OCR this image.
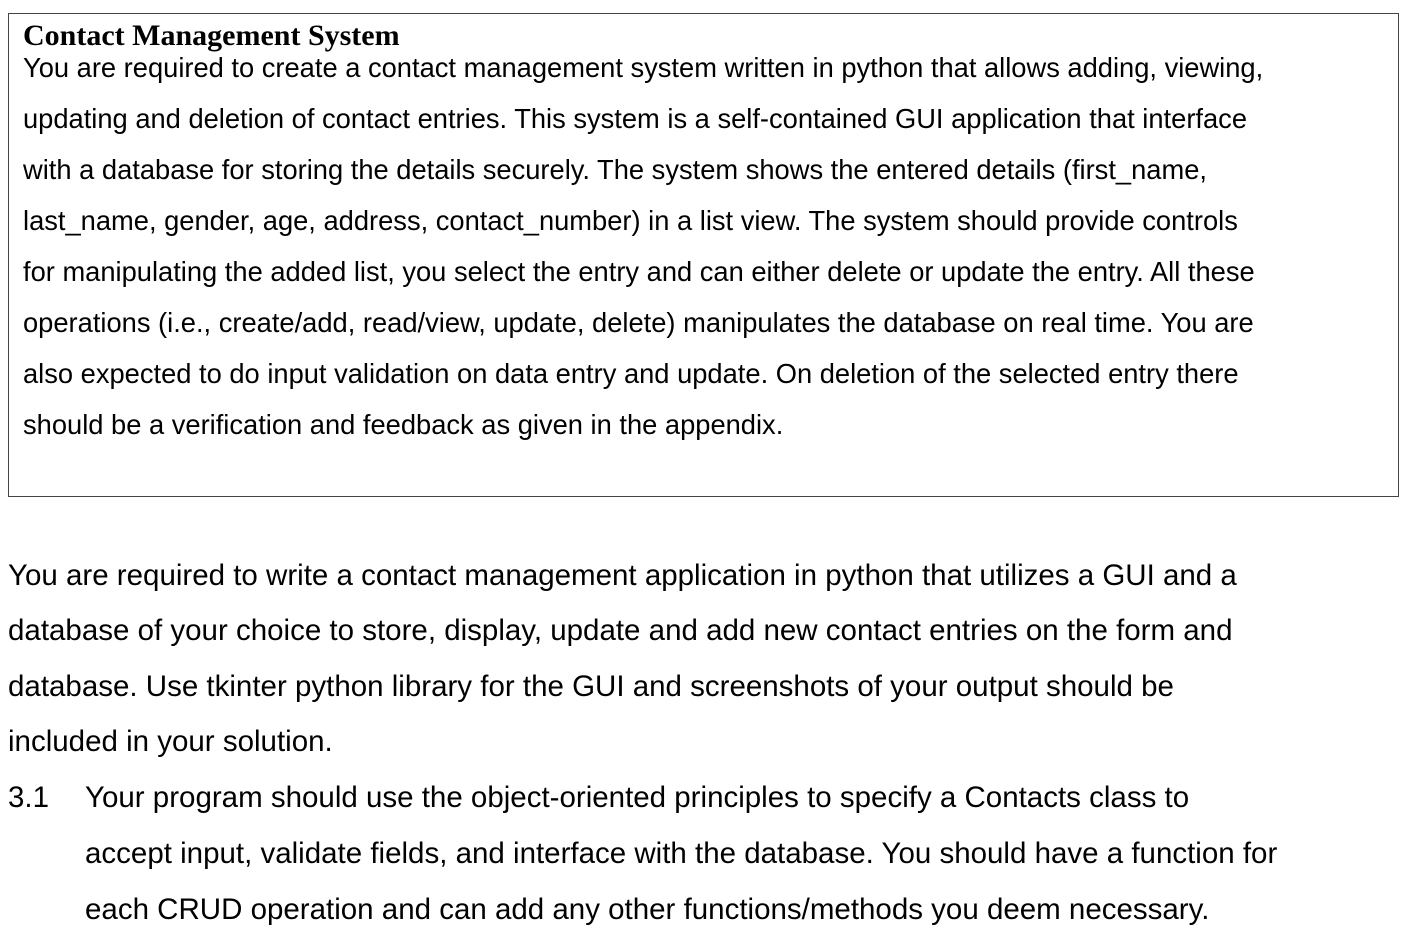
Contact Management System

You are required to create a contact management system written in python that allows adding, viewing,

updating and deletion of contact entries. This system is a self-contained GUI application that interface

with a database for storing the details securely. The system shows the entered details (first_name,

last_name, gender, age, address, contact_number) in a list view. The system should provide controls

for manipulating the added list, you select the entry and can either delete or update the entry. All these

operations (i.e., create/add, read/view, update, delete) manipulates the database on real time. You are

also expected to do input validation on data entry and update. On deletion of the selected entry there

should be a verification and feedback as given in the appendix.

You are required to write a contact management application in python that utilizes a GUI and a

database of your choice to store, display, update and add new contact entries on the form and

database. Use tkinter python library for the GUI and screenshots of your output should be

included in your solution.

3.1 Your program should use the object-oriented principles to specify a Contacts class to

accept input, validate fields, and interface with the database. You should have a function for

each CRUD operation and can add any other functions/methods you deem necessary.
